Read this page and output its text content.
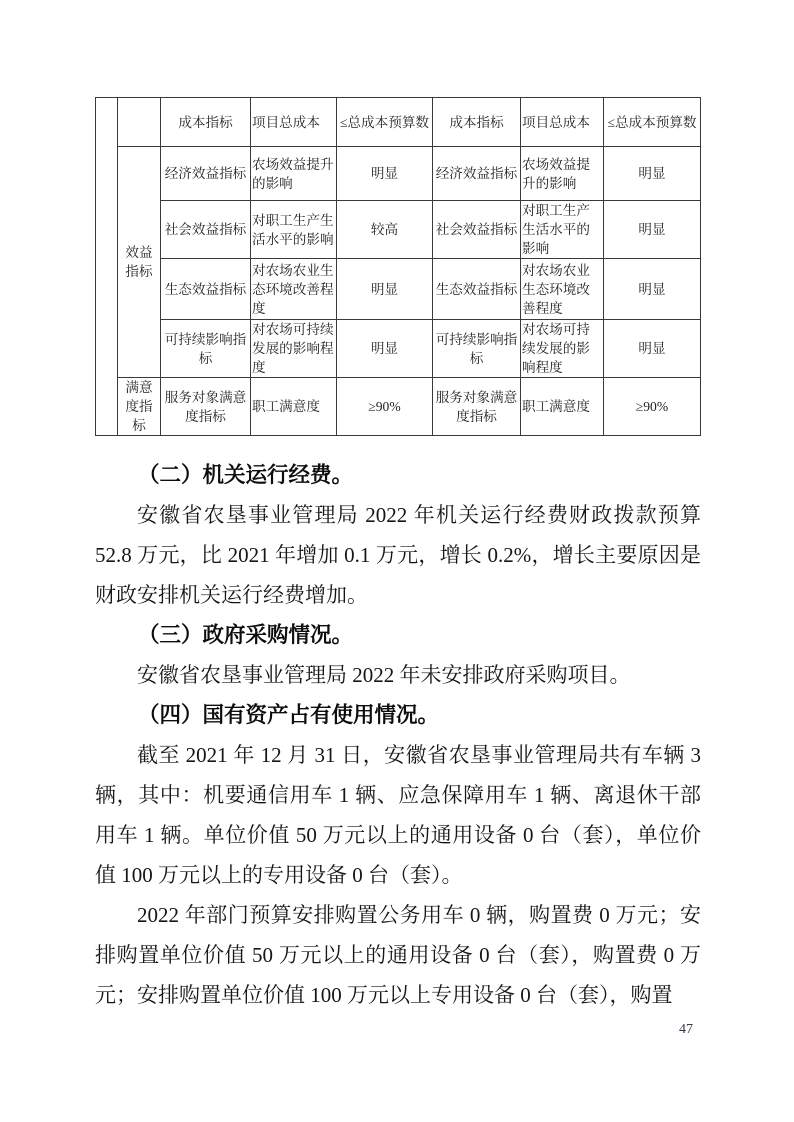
		成本指标	项目总成本	≤总成本预算数	成本指标	项目总成本	≤总成本预算数
	效益指标	经济效益指标	农场效益提升的影响	明显	经济效益指标	农场效益提升的影响	明显
		社会效益指标	对职工生产生活水平的影响	较高	社会效益指标	对职工生产生活水平的影响	明显
		生态效益指标	对农场农业生态环境改善程度	明显	生态效益指标	对农场农业生态环境改善程度	明显
		可持续影响指标	对农场可持续发展的影响程度	明显	可持续影响指标	对农场可持续发展的影响程度	明显
	满意度指标	服务对象满意度指标	职工满意度	≥90%	服务对象满意度指标	职工满意度	≥90%
（二）机关运行经费。

安徽省农垦事业管理局 2022 年机关运行经费财政拨款预算 52.8 万元，比 2021 年增加 0.1 万元，增长 0.2%，增长主要原因是财政安排机关运行经费增加。

（三）政府采购情况。

安徽省农垦事业管理局 2022 年未安排政府采购项目。

（四）国有资产占有使用情况。

截至 2021 年 12 月 31 日，安徽省农垦事业管理局共有车辆 3 辆，其中：机要通信用车 1 辆、应急保障用车 1 辆、离退休干部用车 1 辆。单位价值 50 万元以上的通用设备 0 台（套），单位价值 100 万元以上的专用设备 0 台（套）。

2022 年部门预算安排购置公务用车 0 辆，购置费 0 万元；安排购置单位价值 50 万元以上的通用设备 0 台（套），购置费 0 万元；安排购置单位价值 100 万元以上专用设备 0 台（套），购置

47
